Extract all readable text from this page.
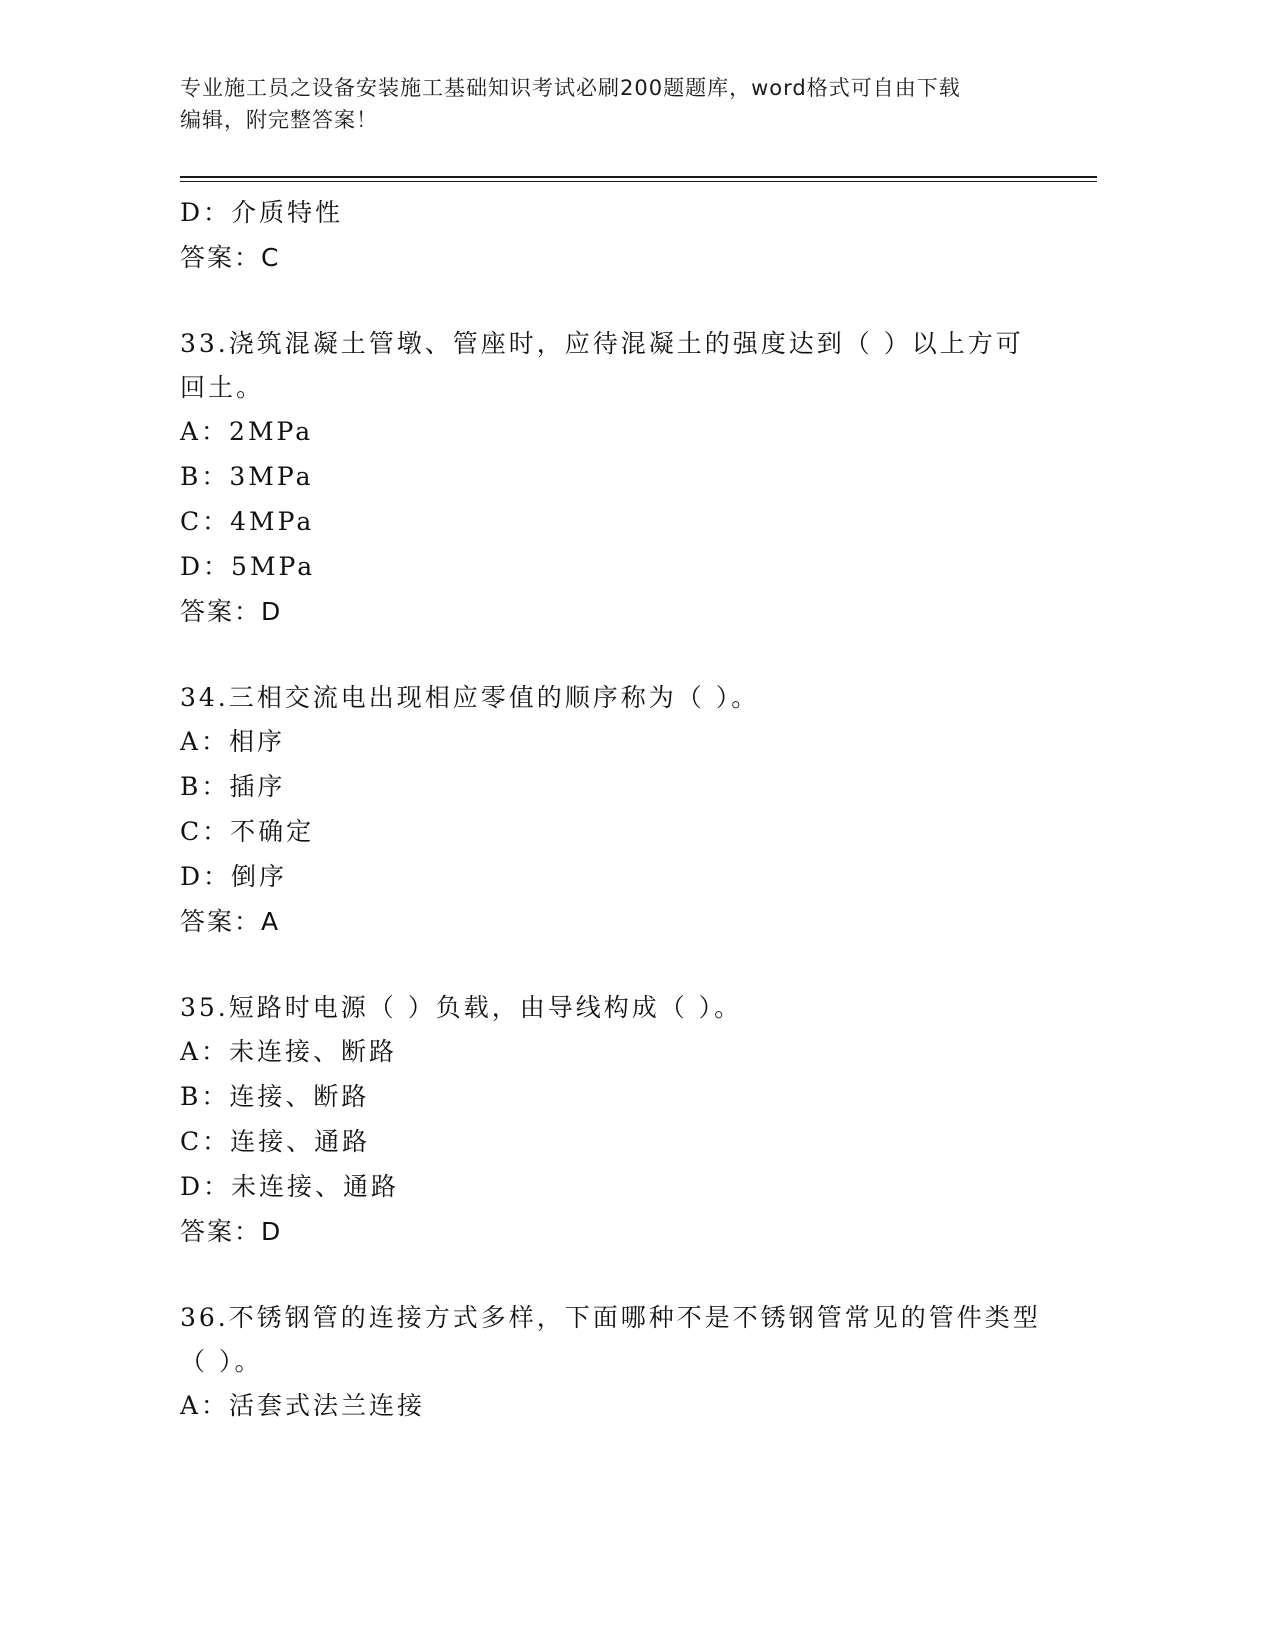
专业施工员之设备安装施工基础知识考试必刷200题题库，word格式可自由下载
编辑，附完整答案！
D：介质特性
答案：C
33.浇筑混凝土管墩、管座时，应待混凝土的强度达到（ ）以上方可
回土。
A：2MPa
B：3MPa
C：4MPa
D：5MPa
答案：D
34.三相交流电出现相应零值的顺序称为（ ）。
A：相序
B：插序
C：不确定
D：倒序
答案：A
35.短路时电源（ ）负载，由导线构成（ ）。
A：未连接、断路
B：连接、断路
C：连接、通路
D：未连接、通路
答案：D
36.不锈钢管的连接方式多样，下面哪种不是不锈钢管常见的管件类型
（ ）。
A：活套式法兰连接
